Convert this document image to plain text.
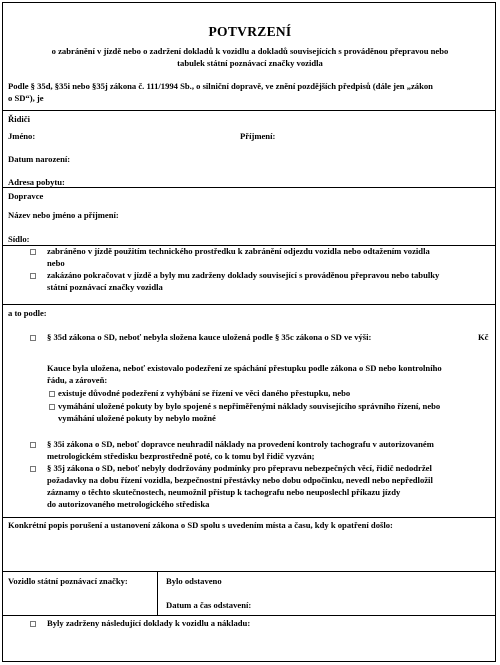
POTVRZENÍ
o zabránění v jízdě nebo o zadržení dokladů k vozidlu a dokladů souvisejících s prováděnou přepravou nebo
tabulek státní poznávací značky vozidla
Podle § 35d, §35i nebo §35j zákona č. 111/1994 Sb., o silniční dopravě, ve znění pozdějších předpisů (dále jen „zákon
o SD“), je
Řidiči
Jméno:	Příjmení:
Datum narození:
Adresa pobytu:
Dopravce
Název nebo jméno a příjmení:
Sídlo:
zabráněno v jízdě použitím technického prostředku k zabránění odjezdu vozidla nebo odtažením vozidla
nebo
zakázáno pokračovat v jízdě a byly mu zadrženy doklady související s prováděnou přepravou nebo tabulky
státní poznávací značky vozidla
a to podle:
§ 35d zákona o SD, neboť nebyla složena kauce uložená podle § 35c zákona o SD ve výši:	Kč
Kauce byla uložena, neboť existovalo podezření ze spáchání přestupku podle zákona o SD nebo kontrolního
řádu, a zároveň:
existuje důvodné podezření z vyhýbání se řízení ve věci daného přestupku, nebo
vymáhání uložené pokuty by bylo spojené s nepřiměřenými náklady souvisejícího správního řízení, nebo
vymáhání uložené pokuty by nebylo možné
§ 35i zákona o SD, neboť dopravce neuhradil náklady na provedení kontroly tachografu v autorizovaném
metrologickém středisku bezprostředně poté, co k tomu byl řidič vyzván;
§ 35j zákona o SD, neboť nebyly dodržovány podmínky pro přepravu nebezpečných věcí, řidič nedodržel
požadavky na dobu řízení vozidla, bezpečnostní přestávky nebo dobu odpočinku, nevedl nebo nepředložil
záznamy o těchto skutečnostech, neumožnil přístup k tachografu nebo neuposlechl příkazu jízdy
do autorizovaného metrologického střediska
Konkrétní popis porušení a ustanovení zákona o SD spolu s uvedením místa a času, kdy k opatření došlo:
Vozidlo státní poznávací značky:	Bylo odstaveno
Datum a čas odstavení:
Byly zadrženy následující doklady k vozidlu a nákladu:
